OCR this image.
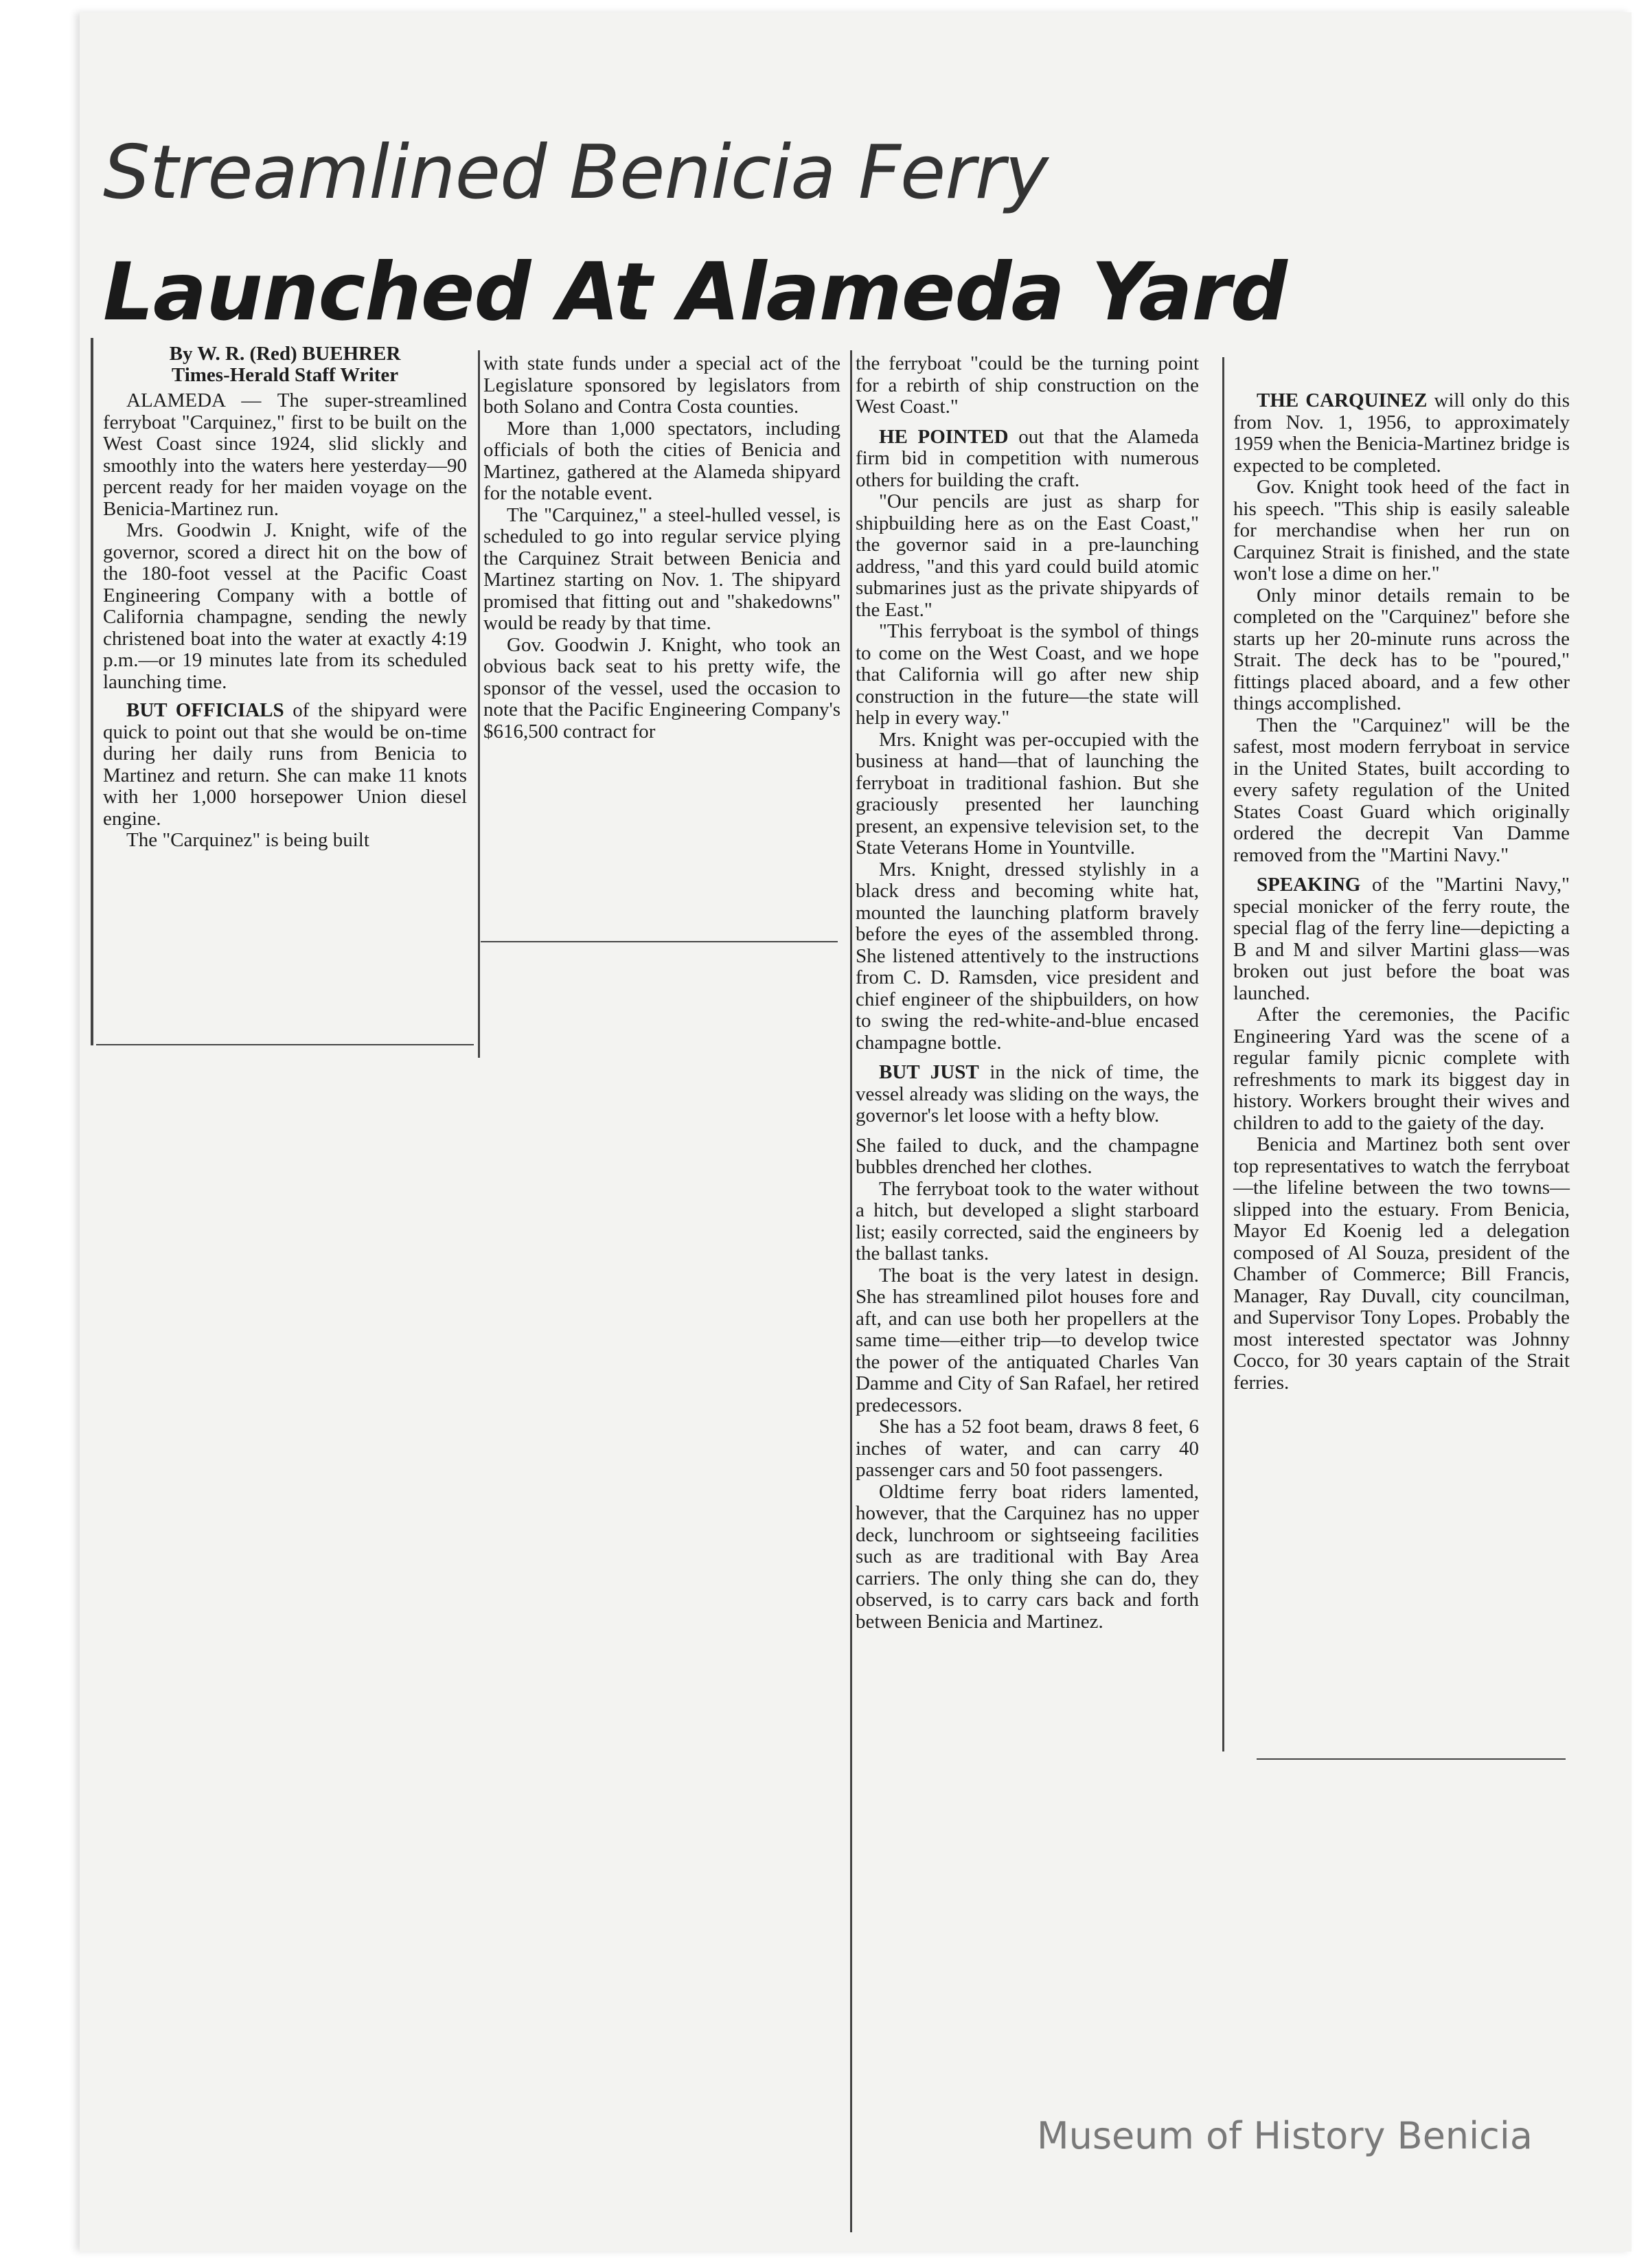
Streamlined Benicia Ferry
Launched At Alameda Yard

By W. R. (Red) BUEHRER

Times-Herald Staff Writer

ALAMEDA — The super-streamlined ferryboat "Carquinez," first to be built on the West Coast since 1924, slid slickly and smoothly into the waters here yesterday—90 percent ready for her maiden voyage on the Benicia-Martinez run.

Mrs. Goodwin J. Knight, wife of the governor, scored a direct hit on the bow of the 180-foot vessel at the Pacific Coast Engineering Company with a bottle of California champagne, sending the newly christened boat into the water at exactly 4:19 p.m.—or 19 minutes late from its scheduled launching time.

BUT OFFICIALS of the shipyard were quick to point out that she would be on-time during her daily runs from Benicia to Martinez and return. She can make 11 knots with her 1,000 horsepower Union diesel engine.

The "Carquinez" is being built

with state funds under a special act of the Legislature sponsored by legislators from both Solano and Contra Costa counties.

More than 1,000 spectators, including officials of both the cities of Benicia and Martinez, gathered at the Alameda shipyard for the notable event.

The "Carquinez," a steel-hulled vessel, is scheduled to go into regular service plying the Carquinez Strait between Benicia and Martinez starting on Nov. 1. The shipyard promised that fitting out and "shakedowns" would be ready by that time.

Gov. Goodwin J. Knight, who took an obvious back seat to his pretty wife, the sponsor of the vessel, used the occasion to note that the Pacific Engineering Company's $616,500 contract for

the ferryboat "could be the turning point for a rebirth of ship construction on the West Coast."

HE POINTED out that the Alameda firm bid in competition with numerous others for building the craft.

"Our pencils are just as sharp for shipbuilding here as on the East Coast," the governor said in a pre-launching address, "and this yard could build atomic submarines just as the private shipyards of the East."

"This ferryboat is the symbol of things to come on the West Coast, and we hope that California will go after new ship construction in the future—the state will help in every way."

Mrs. Knight was per-occupied with the business at hand—that of launching the ferryboat in traditional fashion. But she graciously presented her launching present, an expensive television set, to the State Veterans Home in Yountville.

Mrs. Knight, dressed stylishly in a black dress and becoming white hat, mounted the launching platform bravely before the eyes of the assembled throng. She listened attentively to the instructions from C. D. Ramsden, vice president and chief engineer of the shipbuilders, on how to swing the red-white-and-blue encased champagne bottle.

BUT JUST in the nick of time, the vessel already was sliding on the ways, the governor's let loose with a hefty blow.

She failed to duck, and the champagne bubbles drenched her clothes.

The ferryboat took to the water without a hitch, but developed a slight starboard list; easily corrected, said the engineers by the ballast tanks.

The boat is the very latest in design. She has streamlined pilot houses fore and aft, and can use both her propellers at the same time—either trip—to develop twice the power of the antiquated Charles Van Damme and City of San Rafael, her retired predecessors.

She has a 52 foot beam, draws 8 feet, 6 inches of water, and can carry 40 passenger cars and 50 foot passengers.

Oldtime ferry boat riders lamented, however, that the Carquinez has no upper deck, lunchroom or sightseeing facilities such as are traditional with Bay Area carriers. The only thing she can do, they observed, is to carry cars back and forth between Benicia and Martinez.

THE CARQUINEZ will only do this from Nov. 1, 1956, to approximately 1959 when the Benicia-Martinez bridge is expected to be completed.

Gov. Knight took heed of the fact in his speech. "This ship is easily saleable for merchandise when her run on Carquinez Strait is finished, and the state won't lose a dime on her."

Only minor details remain to be completed on the "Carquinez" before she starts up her 20-minute runs across the Strait. The deck has to be "poured," fittings placed aboard, and a few other things accomplished.

Then the "Carquinez" will be the safest, most modern ferryboat in service in the United States, built according to every safety regulation of the United States Coast Guard which originally ordered the decrepit Van Damme removed from the "Martini Navy."

SPEAKING of the "Martini Navy," special monicker of the ferry route, the special flag of the ferry line—depicting a B and M and silver Martini glass—was broken out just before the boat was launched.

After the ceremonies, the Pacific Engineering Yard was the scene of a regular family picnic complete with refreshments to mark its biggest day in history. Workers brought their wives and children to add to the gaiety of the day.

Benicia and Martinez both sent over top representatives to watch the ferryboat—the lifeline between the two towns—slipped into the estuary. From Benicia, Mayor Ed Koenig led a delegation composed of Al Souza, president of the Chamber of Commerce; Bill Francis, Manager, Ray Duvall, city councilman, and Supervisor Tony Lopes. Probably the most interested spectator was Johnny Cocco, for 30 years captain of the Strait ferries.

Museum of History Benicia
